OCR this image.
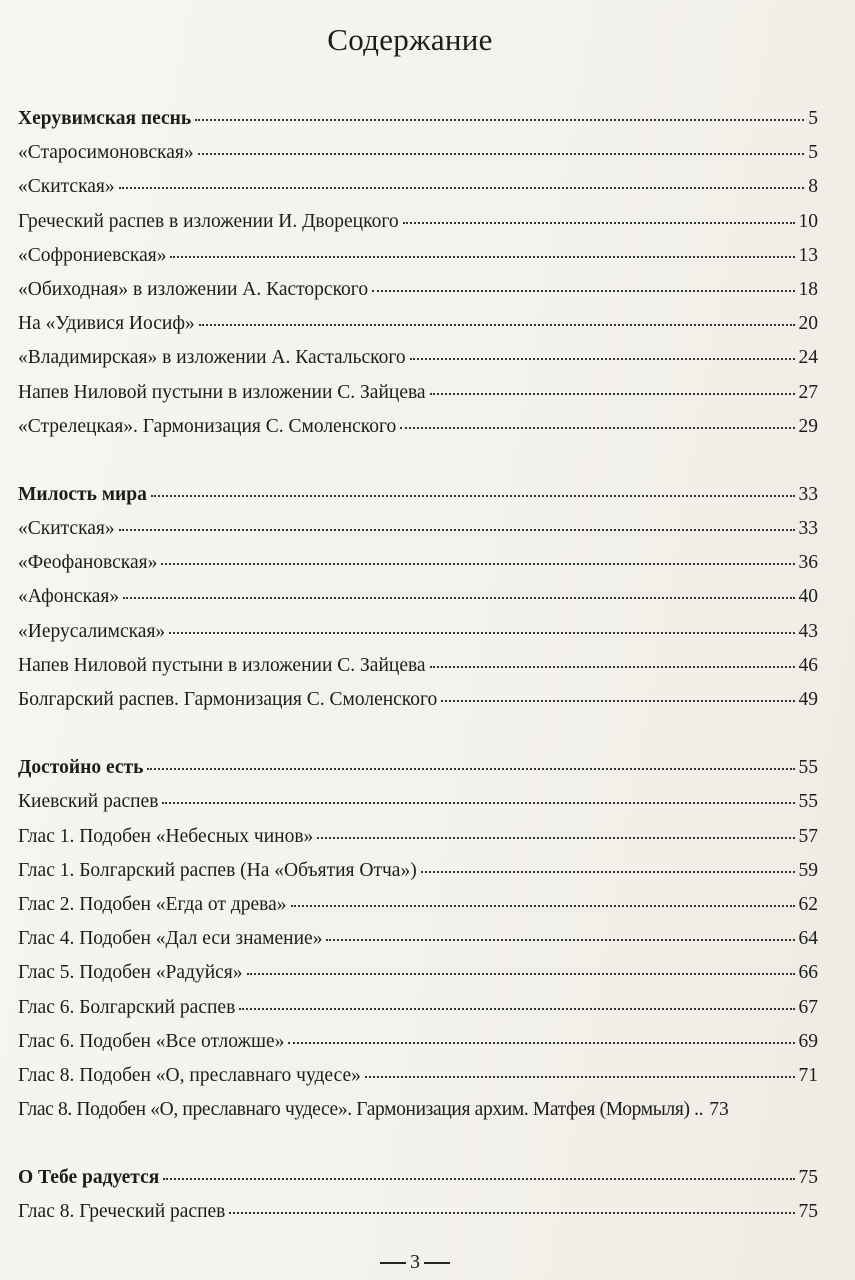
Содержание
Херувимская песнь	5
«Старосимоновская»	5
«Скитская»	8
Греческий распев в изложении И. Дворецкого	10
«Софрониевская»	13
«Обиходная» в изложении А. Касторского	18
На «Удивися Иосиф»	20
«Владимирская» в изложении А. Кастальского	24
Напев Ниловой пустыни в изложении С. Зайцева	27
«Стрелецкая». Гармонизация С. Смоленского	29
Милость мира	33
«Скитская»	33
«Феофановская»	36
«Афонская»	40
«Иерусалимская»	43
Напев Ниловой пустыни в изложении С. Зайцева	46
Болгарский распев. Гармонизация С. Смоленского	49
Достойно есть	55
Киевский распев	55
Глас 1. Подобен «Небесных чинов»	57
Глас 1. Болгарский распев (На «Объятия Отча»)	59
Глас 2. Подобен «Егда от древа»	62
Глас 4. Подобен «Дал еси знамение»	64
Глас 5. Подобен «Радуйся»	66
Глас 6. Болгарский распев	67
Глас 6. Подобен «Все отложше»	69
Глас 8. Подобен «О, преславнаго чудесе»	71
Глас 8. Подобен «О, преславнаго чудесе». Гармонизация архим. Матфея (Мормыля) .. 73
О Тебе радуется	75
Глас 8. Греческий распев	75
3
